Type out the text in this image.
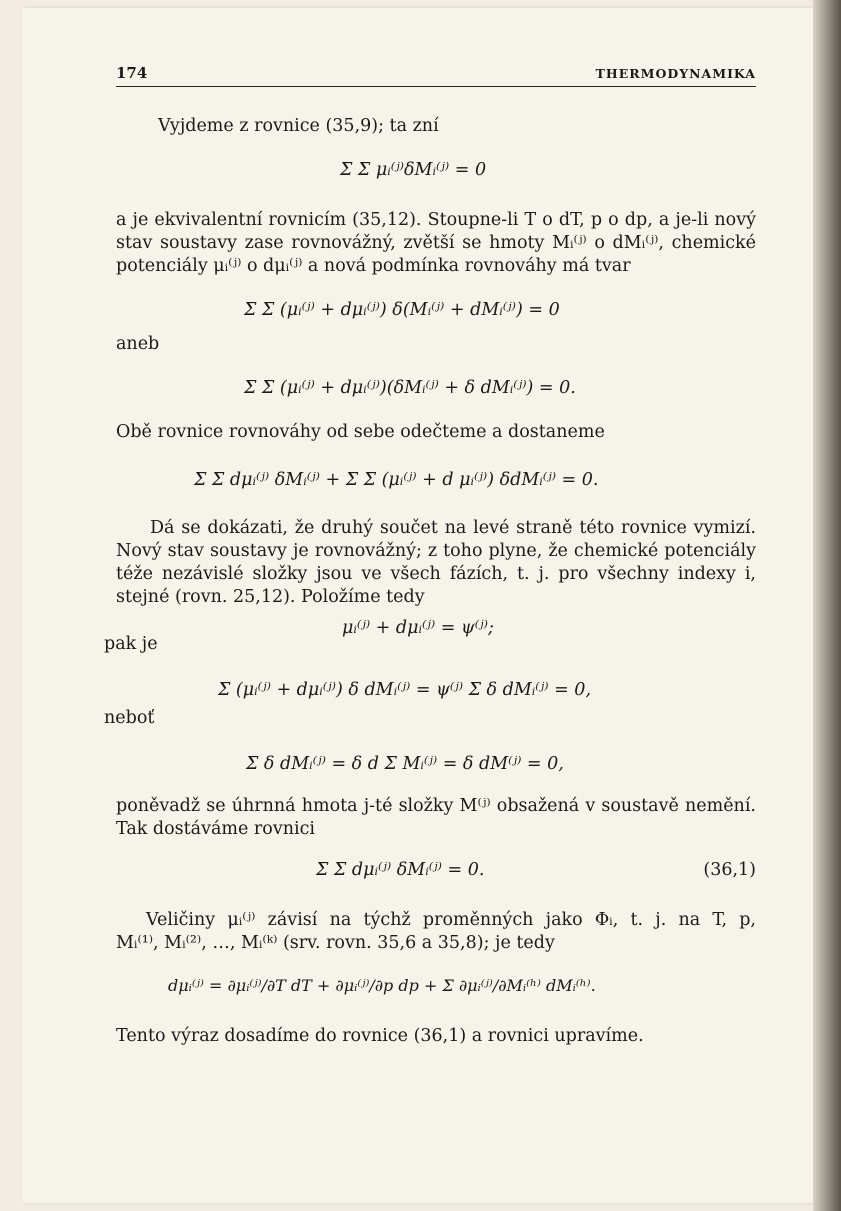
174	THERMODYNAMIKA
Vyjdeme z rovnice (35,9); ta zní
Σ Σ μᵢ⁽ʲ⁾δMᵢ⁽ʲ⁾ = 0
a je ekvivalentní rovnicím (35,12). Stoupne-li T o dT, p o dp, a je-li nový
stav soustavy zase rovnovážný, zvětší se hmoty Mᵢ⁽ʲ⁾ o dMᵢ⁽ʲ⁾, chemické
potenciály μᵢ⁽ʲ⁾ o dμᵢ⁽ʲ⁾ a nová podmínka rovnováhy má tvar
Σ Σ (μᵢ⁽ʲ⁾ + dμᵢ⁽ʲ⁾) δ(Mᵢ⁽ʲ⁾ + dMᵢ⁽ʲ⁾) = 0
aneb
Σ Σ (μᵢ⁽ʲ⁾ + dμᵢ⁽ʲ⁾)(δMᵢ⁽ʲ⁾ + δ dMᵢ⁽ʲ⁾) = 0.
Obě rovnice rovnováhy od sebe odečteme a dostaneme
Σ Σ dμᵢ⁽ʲ⁾ δMᵢ⁽ʲ⁾ + Σ Σ (μᵢ⁽ʲ⁾ + d μᵢ⁽ʲ⁾) δdMᵢ⁽ʲ⁾ = 0.
Dá se dokázati, že druhý součet na levé straně této rovnice vymizí.
Nový stav soustavy je rovnovážný; z toho plyne, že chemické potenciály
téže nezávislé složky jsou ve všech fázích, t. j. pro všechny indexy i,
stejné (rovn. 25,12). Položíme tedy
μᵢ⁽ʲ⁾ + dμᵢ⁽ʲ⁾ = ψ⁽ʲ⁾;
pak je
Σ (μᵢ⁽ʲ⁾ + dμᵢ⁽ʲ⁾) δ dMᵢ⁽ʲ⁾ = ψ⁽ʲ⁾ Σ δ dMᵢ⁽ʲ⁾ = 0,
neboť
Σ δ dMᵢ⁽ʲ⁾ = δ d Σ Mᵢ⁽ʲ⁾ = δ dM⁽ʲ⁾ = 0,
poněvadž se úhrnná hmota j-té složky M⁽ʲ⁾ obsažená v soustavě nemění.
Tak dostáváme rovnici
Σ Σ dμᵢ⁽ʲ⁾ δMᵢ⁽ʲ⁾ = 0.	(36,1)
Veličiny μᵢ⁽ʲ⁾ závisí na týchž proměnných jako Φᵢ, t. j. na T, p,
Mᵢ⁽¹⁾, Mᵢ⁽²⁾, …, Mᵢ⁽ᵏ⁾ (srv. rovn. 35,6 a 35,8); je tedy
dμᵢ⁽ʲ⁾ = ∂μᵢ⁽ʲ⁾/∂T dT + ∂μᵢ⁽ʲ⁾/∂p dp + Σ ∂μᵢ⁽ʲ⁾/∂Mᵢ⁽ʰ⁾ dMᵢ⁽ʰ⁾.
Tento výraz dosadíme do rovnice (36,1) a rovnici upravíme.
